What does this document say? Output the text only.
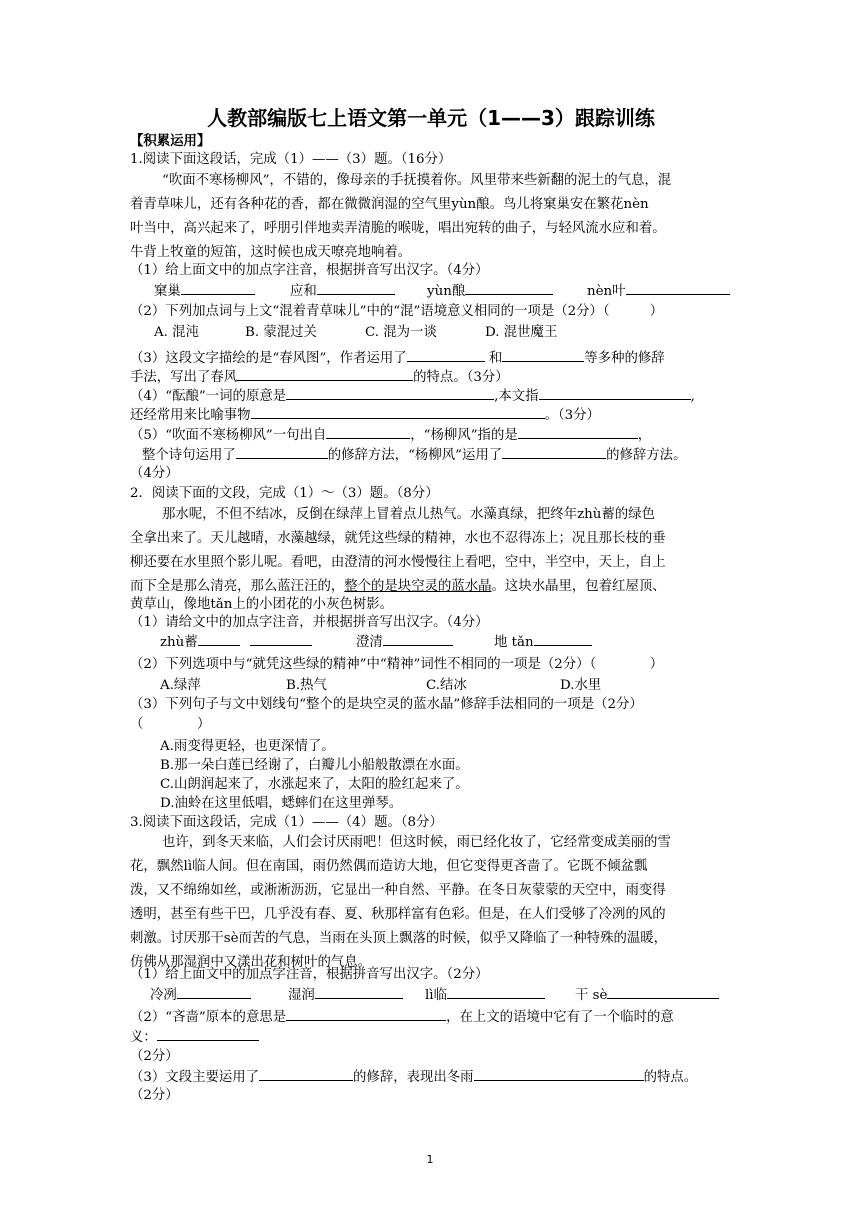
人教部编版七上语文第一单元（1——3）跟踪训练
【积累运用】
1.阅读下面这段话，完成（1）——（3）题。（16分）
“吹面不寒杨柳风”，不错的，像母亲的手抚摸着你。风里带来些新翻的泥土的气息，混
着青草味儿，还有各种花的香，都在微微润湿的空气里yùn酿。鸟儿将窠巢安在繁花nèn
叶当中，高兴起来了，呼朋引伴地卖弄清脆的喉咙，唱出宛转的曲子，与轻风流水应和着。
牛背上牧童的短笛，这时候也成天嘹亮地响着。
（1）给上面文中的加点字注音，根据拼音写出汉字。（4分）
窠巢	应和	yùn酿	nèn叶
（2）下列加点词与上文“混着青草味儿”中的“混”语境意义相同的一项是（2分）（　　　）
A. 混沌	B. 蒙混过关	C. 混为一谈	D. 混世魔王
（3）这段文字描绘的是“春风图”，作者运用了	和	等多种的修辞
手法，写出了春风	的特点。（3分）
（4）“酝酿”一词的原意是	,本文指	,
还经常用来比喻事物	。（3分）
（5）“吹面不寒杨柳风”一句出自	，“杨柳风”指的是	，
整个诗句运用了	的修辞方法，“杨柳风”运用了	的修辞方法。
（4分）
2．阅读下面的文段，完成（1）～（3）题。（8分）
那水呢，不但不结冰，反倒在绿萍上冒着点儿热气。水藻真绿，把终年zhù蓄的绿色
全拿出来了。天儿越晴，水藻越绿，就凭这些绿的精神，水也不忍得冻上；况且那长枝的垂
柳还要在水里照个影儿呢。看吧，由澄清的河水慢慢往上看吧，空中，半空中，天上，自上
而下全是那么清亮，那么蓝汪汪的，整个的是块空灵的蓝水晶。这块水晶里，包着红屋顶、
黄草山，像地tǎn上的小团花的小灰色树影。
（1）请给文中的加点字注音，并根据拼音写出汉字。（4分）
zhù蓄	澄清	地 tǎn
（2）下列选项中与“就凭这些绿的精神”中“精神”词性不相同的一项是（2分）（　　　　）
A.绿萍	B.热气	C.结冰	D.水里
（3）下列句子与文中划线句“整个的是块空灵的蓝水晶”修辞手法相同的一项是（2分）
（　　　　）
A.雨变得更轻，也更深情了。
B.那一朵白莲已经谢了，白瓣儿小船般散漂在水面。
C.山朗润起来了，水涨起来了，太阳的脸红起来了。
D.油蛉在这里低唱，蟋蟀们在这里弹琴。
3.阅读下面这段话，完成（1）——（4）题。（8分）
也许，到冬天来临，人们会讨厌雨吧！但这时候，雨已经化妆了，它经常变成美丽的雪
花，飘然lì临人间。但在南国，雨仍然偶而造访大地，但它变得更吝啬了。它既不倾盆瓢
泼，又不绵绵如丝，或淅淅沥沥，它显出一种自然、平静。在冬日灰蒙蒙的天空中，雨变得
透明，甚至有些干巴，几乎没有春、夏、秋那样富有色彩。但是，在人们受够了冷冽的风的
刺激。讨厌那干sè而苦的气息，当雨在头顶上飘落的时候，似乎又降临了一种特殊的温暖，
仿佛从那湿润中又漾出花和树叶的气息。
（1）给上面文中的加点字注音，根据拼音写出汉字。（2分）
冷冽	湿润	lì临	干 sè
（2）“吝啬”原本的意思是	，在上文的语境中它有了一个临时的意
义：
（2分）
（3）文段主要运用了	的修辞，表现出冬雨	的特点。
（2分）
1
